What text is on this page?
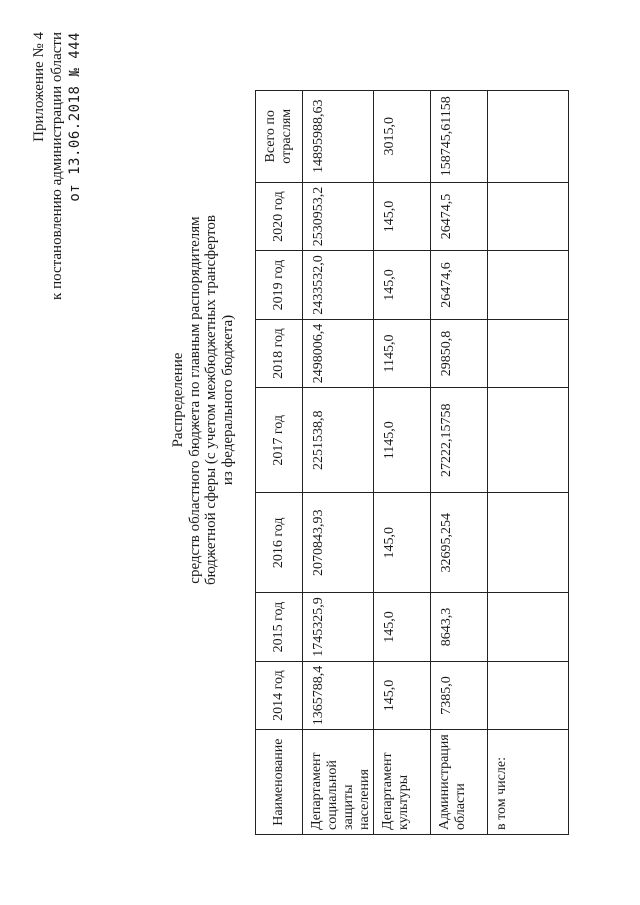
Приложение № 4 к постановлению администрации области от 13.06.2018 № 444
Распределение средств областного бюджета по главным распорядителям бюджетной сферы (с учетом межбюджетных трансфертов из федерального бюджета)
Наименование	2014 год	2015 год	2016 год	2017 год	2018 год	2019 год	2020 год	Всего по отраслям
Департамент социальной защиты населения	1365788,4	1745325,9	2070843,93	2251538,8	2498006,4	2433532,0	2530953,2	14895988,63
Департамент культуры	145,0	145,0	145,0	1145,0	1145,0	145,0	145,0	3015,0
Администрация области	7385,0	8643,3	32695,254	27222,15758	29850,8	26474,6	26474,5	158745,61158
в том числе:								
